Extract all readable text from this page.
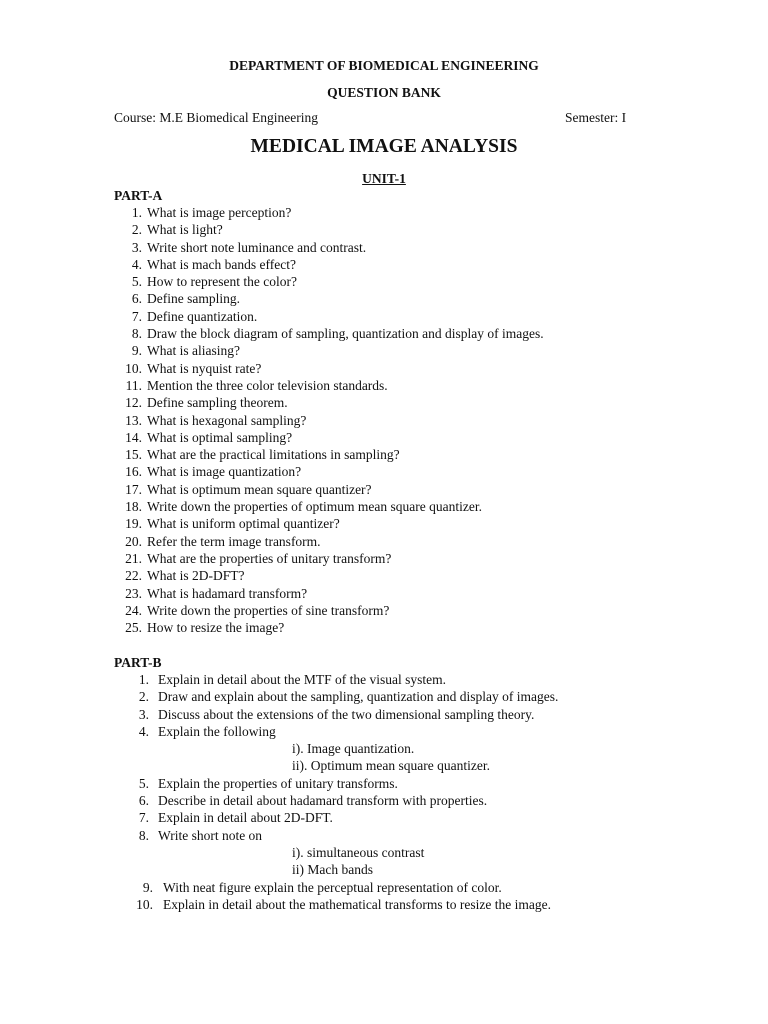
DEPARTMENT OF BIOMEDICAL ENGINEERING
QUESTION BANK
Course: M.E Biomedical Engineering	Semester: I
MEDICAL IMAGE ANALYSIS
UNIT-1
PART-A
1. What is image perception?
2. What is light?
3. Write short note luminance and contrast.
4. What is mach bands effect?
5. How to represent the color?
6. Define sampling.
7. Define quantization.
8. Draw the block diagram of sampling, quantization and display of images.
9. What is aliasing?
10. What is nyquist rate?
11. Mention the three color television standards.
12. Define sampling theorem.
13. What is hexagonal sampling?
14. What is optimal sampling?
15. What are the practical limitations in sampling?
16. What is image quantization?
17. What is optimum mean square quantizer?
18. Write down the properties of optimum mean square quantizer.
19. What is uniform optimal quantizer?
20. Refer the term image transform.
21. What are the properties of unitary transform?
22. What is 2D-DFT?
23. What is hadamard transform?
24. Write down the properties of sine transform?
25. How to resize the image?
PART-B
1. Explain in detail about the MTF of the visual system.
2. Draw and explain about the sampling, quantization and display of images.
3. Discuss about the extensions of the two dimensional sampling theory.
4. Explain the following
i). Image quantization.
ii). Optimum mean square quantizer.
5. Explain the properties of unitary transforms.
6. Describe in detail about hadamard transform with properties.
7. Explain in detail about 2D-DFT.
8. Write short note on
i). simultaneous contrast
ii) Mach bands
9. With neat figure explain the perceptual representation of color.
10. Explain in detail about the mathematical transforms to resize the image.
